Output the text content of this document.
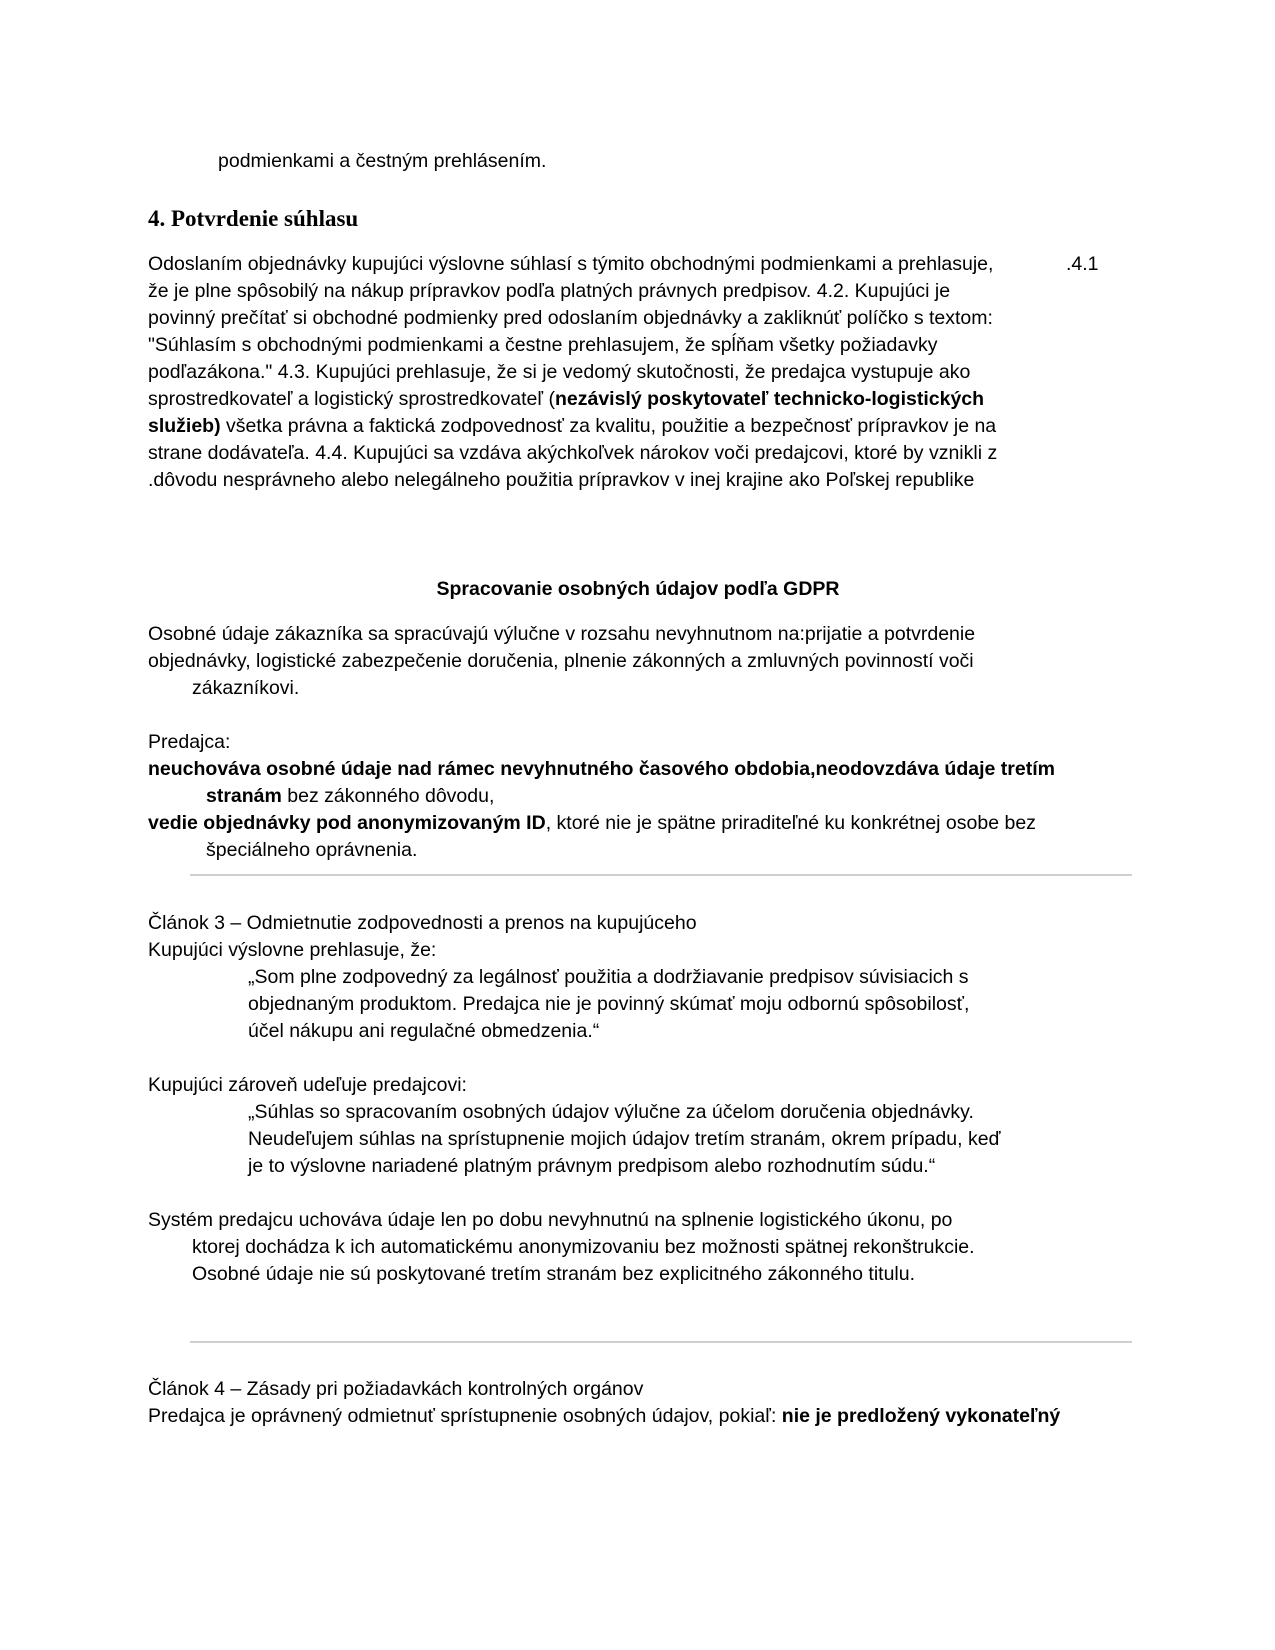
podmienkami a čestným prehlásením.

4. Potvrdenie súhlasu

Odoslaním objednávky kupujúci výslovne súhlasí s týmito obchodnými podmienkami a prehlasuje,	.4.1

že je plne spôsobilý na nákup prípravkov podľa platných právnych predpisov. 4.2. Kupujúci je

povinný prečítať si obchodné podmienky pred odoslaním objednávky a zakliknúť políčko s textom:

"Súhlasím s obchodnými podmienkami a čestne prehlasujem, že spĺňam všetky požiadavky

podľazákona." 4.3. Kupujúci prehlasuje, že si je vedomý skutočnosti, že predajca vystupuje ako

sprostredkovateľ a logistický sprostredkovateľ (nezávislý poskytovateľ technicko-logistických

služieb) všetka právna a faktická zodpovednosť za kvalitu, použitie a bezpečnosť prípravkov je na

strane dodávateľa. 4.4. Kupujúci sa vzdáva akýchkoľvek nárokov voči predajcovi, ktoré by vznikli z

.dôvodu nesprávneho alebo nelegálneho použitia prípravkov v inej krajine ako Poľskej republike

Spracovanie osobných údajov podľa GDPR

Osobné údaje zákazníka sa spracúvajú výlučne v rozsahu nevyhnutnom na:prijatie a potvrdenie

objednávky, logistické zabezpečenie doručenia, plnenie zákonných a zmluvných povinností voči

zákazníkovi.

Predajca:

neuchováva osobné údaje nad rámec nevyhnutného časového obdobia,neodovzdáva údaje tretím

stranám bez zákonného dôvodu,

vedie objednávky pod anonymizovaným ID, ktoré nie je spätne priraditeľné ku konkrétnej osobe bez

špeciálneho oprávnenia.

Článok 3 – Odmietnutie zodpovednosti a prenos na kupujúceho

Kupujúci výslovne prehlasuje, že:

„Som plne zodpovedný za legálnosť použitia a dodržiavanie predpisov súvisiacich s

objednaným produktom. Predajca nie je povinný skúmať moju odbornú spôsobilosť,

účel nákupu ani regulačné obmedzenia.“

Kupujúci zároveň udeľuje predajcovi:

„Súhlas so spracovaním osobných údajov výlučne za účelom doručenia objednávky.

Neudeľujem súhlas na sprístupnenie mojich údajov tretím stranám, okrem prípadu, keď

je to výslovne nariadené platným právnym predpisom alebo rozhodnutím súdu.“

Systém predajcu uchováva údaje len po dobu nevyhnutnú na splnenie logistického úkonu, po

ktorej dochádza k ich automatickému anonymizovaniu bez možnosti spätnej rekonštrukcie.

Osobné údaje nie sú poskytované tretím stranám bez explicitného zákonného titulu.

Článok 4 – Zásady pri požiadavkách kontrolných orgánov

Predajca je oprávnený odmietnuť sprístupnenie osobných údajov, pokiaľ: nie je predložený vykonateľný
